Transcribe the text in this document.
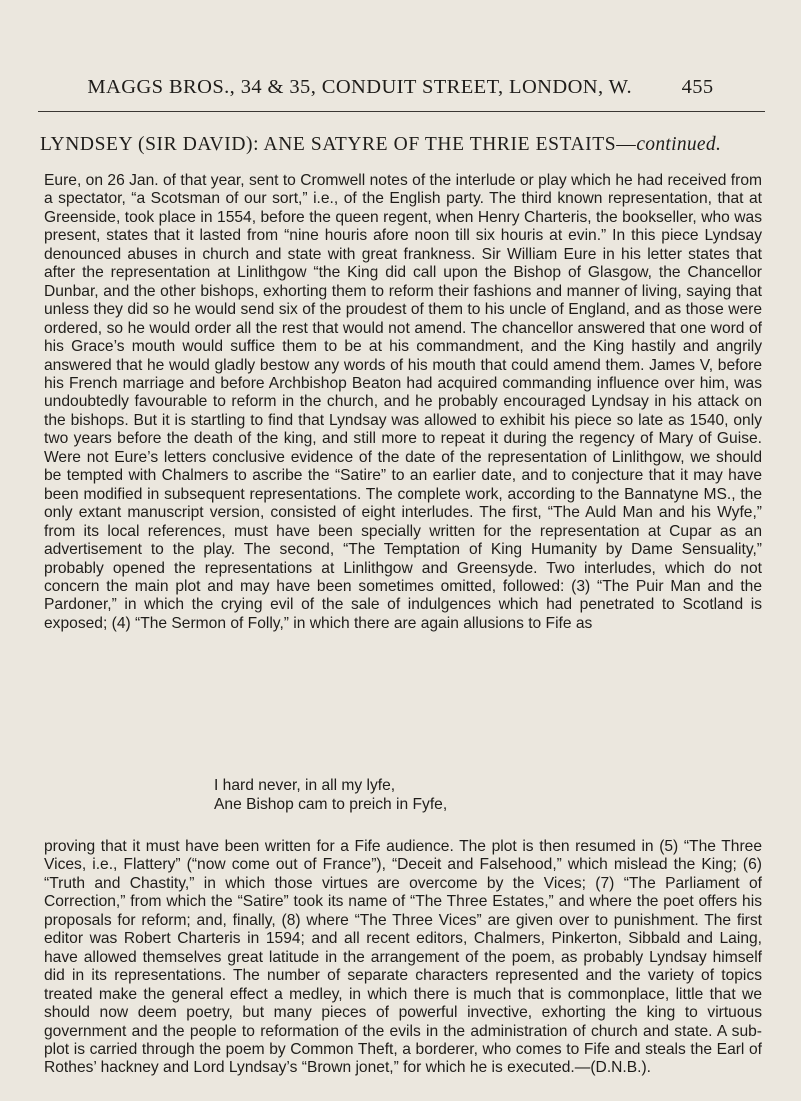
MAGGS BROS., 34 & 35, CONDUIT STREET, LONDON, W. 455
LYNDSEY (SIR DAVID): ANE SATYRE OF THE THRIE ESTAITS—continued.

Eure, on 26 Jan. of that year, sent to Cromwell notes of the interlude or play which he had received from a spectator, “a Scotsman of our sort,” i.e., of the English party. The third known representation, that at Greenside, took place in 1554, before the queen regent, when Henry Charteris, the bookseller, who was present, states that it lasted from “nine houris afore noon till six houris at evin.” In this piece Lyndsay denounced abuses in church and state with great frankness. Sir William Eure in his letter states that after the representation at Linlithgow “the King did call upon the Bishop of Glasgow, the Chancellor Dunbar, and the other bishops, exhorting them to reform their fashions and manner of living, saying that unless they did so he would send six of the proudest of them to his uncle of England, and as those were ordered, so he would order all the rest that would not amend. The chancellor answered that one word of his Grace’s mouth would suffice them to be at his commandment, and the King hastily and angrily answered that he would gladly bestow any words of his mouth that could amend them. James V, before his French marriage and before Archbishop Beaton had acquired commanding influence over him, was undoubtedly favourable to reform in the church, and he probably encouraged Lyndsay in his attack on the bishops. But it is startling to find that Lyndsay was allowed to exhibit his piece so late as 1540, only two years before the death of the king, and still more to repeat it during the regency of Mary of Guise. Were not Eure’s letters conclusive evidence of the date of the representation of Linlithgow, we should be tempted with Chalmers to ascribe the “Satire” to an earlier date, and to conjecture that it may have been modified in subsequent representations. The complete work, according to the Bannatyne MS., the only extant manuscript version, consisted of eight interludes. The first, “The Auld Man and his Wyfe,” from its local references, must have been specially written for the representation at Cupar as an advertisement to the play. The second, “The Temptation of King Humanity by Dame Sensuality,” probably opened the representations at Linlithgow and Greensyde. Two interludes, which do not concern the main plot and may have been sometimes omitted, followed: (3) “The Puir Man and the Pardoner,” in which the crying evil of the sale of indulgences which had penetrated to Scotland is exposed; (4) “The Sermon of Folly,” in which there are again allusions to Fife as

I hard never, in all my lyfe,
Ane Bishop cam to preich in Fyfe,

proving that it must have been written for a Fife audience. The plot is then resumed in (5) “The Three Vices, i.e., Flattery” (“now come out of France”), “Deceit and Falsehood,” which mislead the King; (6) “Truth and Chastity,” in which those virtues are overcome by the Vices; (7) “The Parliament of Correction,” from which the “Satire” took its name of “The Three Estates,” and where the poet offers his proposals for reform; and, finally, (8) where “The Three Vices” are given over to punishment. The first editor was Robert Charteris in 1594; and all recent editors, Chalmers, Pinkerton, Sibbald and Laing, have allowed themselves great latitude in the arrangement of the poem, as probably Lyndsay himself did in its representations. The number of separate characters represented and the variety of topics treated make the general effect a medley, in which there is much that is commonplace, little that we should now deem poetry, but many pieces of powerful invective, exhorting the king to virtuous government and the people to reformation of the evils in the administration of church and state. A sub-plot is carried through the poem by Common Theft, a borderer, who comes to Fife and steals the Earl of Rothes’ hackney and Lord Lyndsay’s “Brown jonet,” for which he is executed.—(D.N.B.).
